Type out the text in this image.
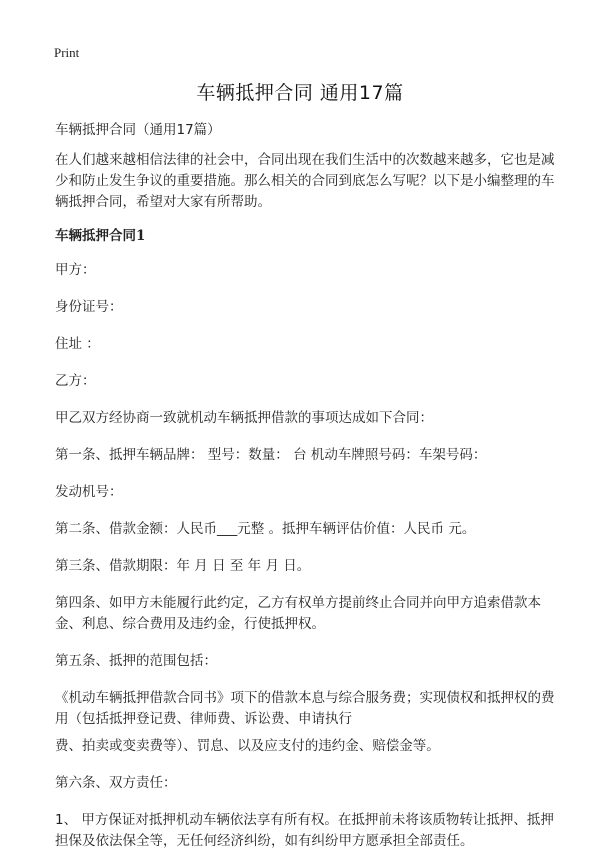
Print
车辆抵押合同 通用17篇

车辆抵押合同（通用17篇）

在人们越来越相信法律的社会中，合同出现在我们生活中的次数越来越多，它也是减少和防止发生争议的重要措施。那么相关的合同到底怎么写呢？以下是小编整理的车辆抵押合同，希望对大家有所帮助。

车辆抵押合同1

甲方：

身份证号：

住址 ：

乙方：

甲乙双方经协商一致就机动车辆抵押借款的事项达成如下合同：

第一条、抵押车辆品牌： 型号：数量： 台 机动车牌照号码：车架号码：

发动机号：

第二条、借款金额：人民币___元整 。抵押车辆评估价值：人民币 元。

第三条、借款期限：年 月 日 至 年 月 日。

第四条、如甲方未能履行此约定，乙方有权单方提前终止合同并向甲方追索借款本金、利息、综合费用及违约金，行使抵押权。

第五条、抵押的范围包括：

《机动车辆抵押借款合同书》项下的借款本息与综合服务费；实现债权和抵押权的费用（包括抵押登记费、律师费、诉讼费、申请执行

费、拍卖或变卖费等）、罚息、以及应支付的违约金、赔偿金等。

第六条、双方责任：

1、 甲方保证对抵押机动车辆依法享有所有权。在抵押前未将该质物转让抵押、抵押担保及依法保全等，无任何经济纠纷，如有纠纷甲方愿承担全部责任。
